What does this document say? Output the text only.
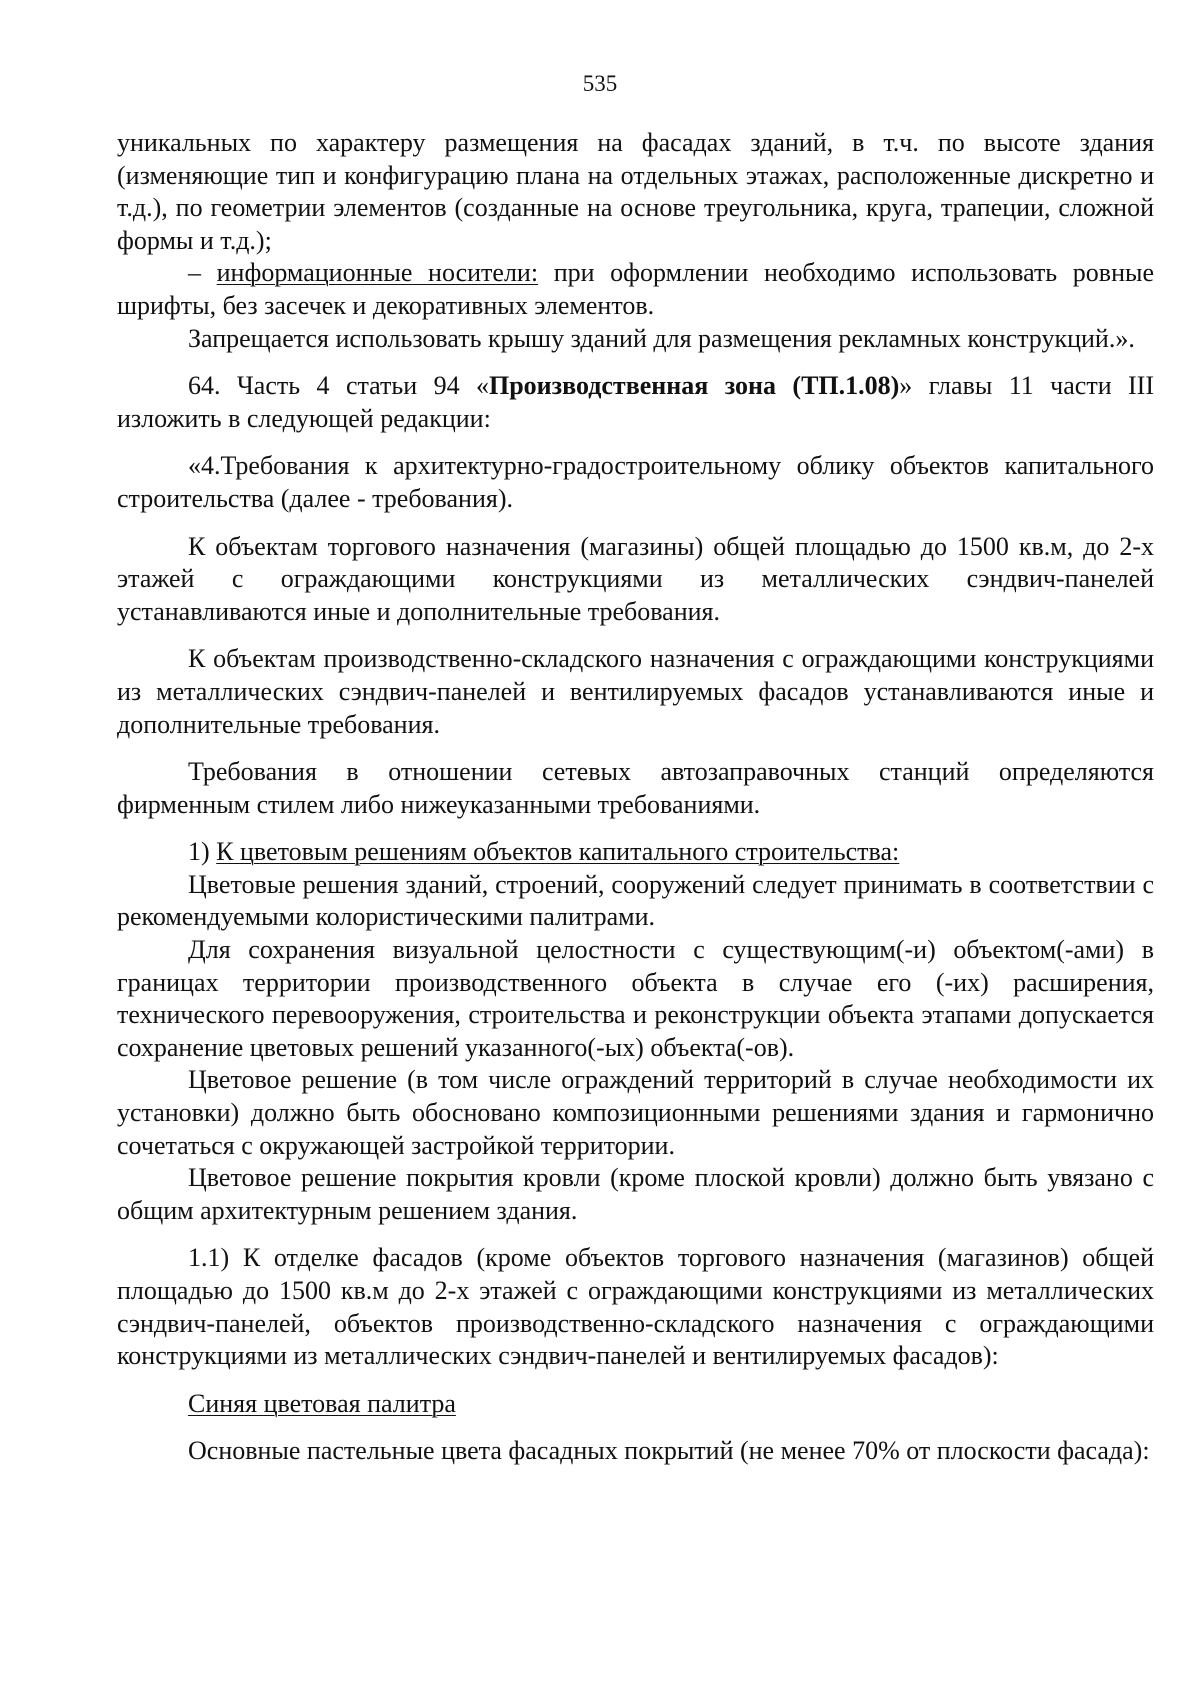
535

уникальных по характеру размещения на фасадах зданий, в т.ч. по высоте здания (изменяющие тип и конфигурацию плана на отдельных этажах, расположенные дискретно и т.д.), по геометрии элементов (созданные на основе треугольника, круга, трапеции, сложной формы и т.д.);

– информационные носители: при оформлении необходимо использовать ровные шрифты, без засечек и декоративных элементов.

Запрещается использовать крышу зданий для размещения рекламных конструкций.».

64. Часть 4 статьи 94 «Производственная зона (ТП.1.08)» главы 11 части III изложить в следующей редакции:

«4.Требования к архитектурно-градостроительному облику объектов капитального строительства (далее - требования).

К объектам торгового назначения (магазины) общей площадью до 1500 кв.м, до 2-х этажей с ограждающими конструкциями из металлических сэндвич-панелей устанавливаются иные и дополнительные требования.

К объектам производственно-складского назначения с ограждающими конструкциями из металлических сэндвич-панелей и вентилируемых фасадов устанавливаются иные и дополнительные требования.

Требования в отношении сетевых автозаправочных станций определяются фирменным стилем либо нижеуказанными требованиями.

1) К цветовым решениям объектов капитального строительства:

Цветовые решения зданий, строений, сооружений следует принимать в соответствии с рекомендуемыми колористическими палитрами.

Для сохранения визуальной целостности с существующим(-и) объектом(-ами) в границах территории производственного объекта в случае его (-их) расширения, технического перевооружения, строительства и реконструкции объекта этапами допускается сохранение цветовых решений указанного(-ых) объекта(-ов).

Цветовое решение (в том числе ограждений территорий в случае необходимости их установки) должно быть обосновано композиционными решениями здания и гармонично сочетаться с окружающей застройкой территории.

Цветовое решение покрытия кровли (кроме плоской кровли) должно быть увязано с общим архитектурным решением здания.

1.1) К отделке фасадов (кроме объектов торгового назначения (магазинов) общей площадью до 1500 кв.м до 2-х этажей с ограждающими конструкциями из металлических сэндвич-панелей, объектов производственно-складского назначения с ограждающими конструкциями из металлических сэндвич-панелей и вентилируемых фасадов):

Синяя цветовая палитра

Основные пастельные цвета фасадных покрытий (не менее 70% от плоскости фасада):
